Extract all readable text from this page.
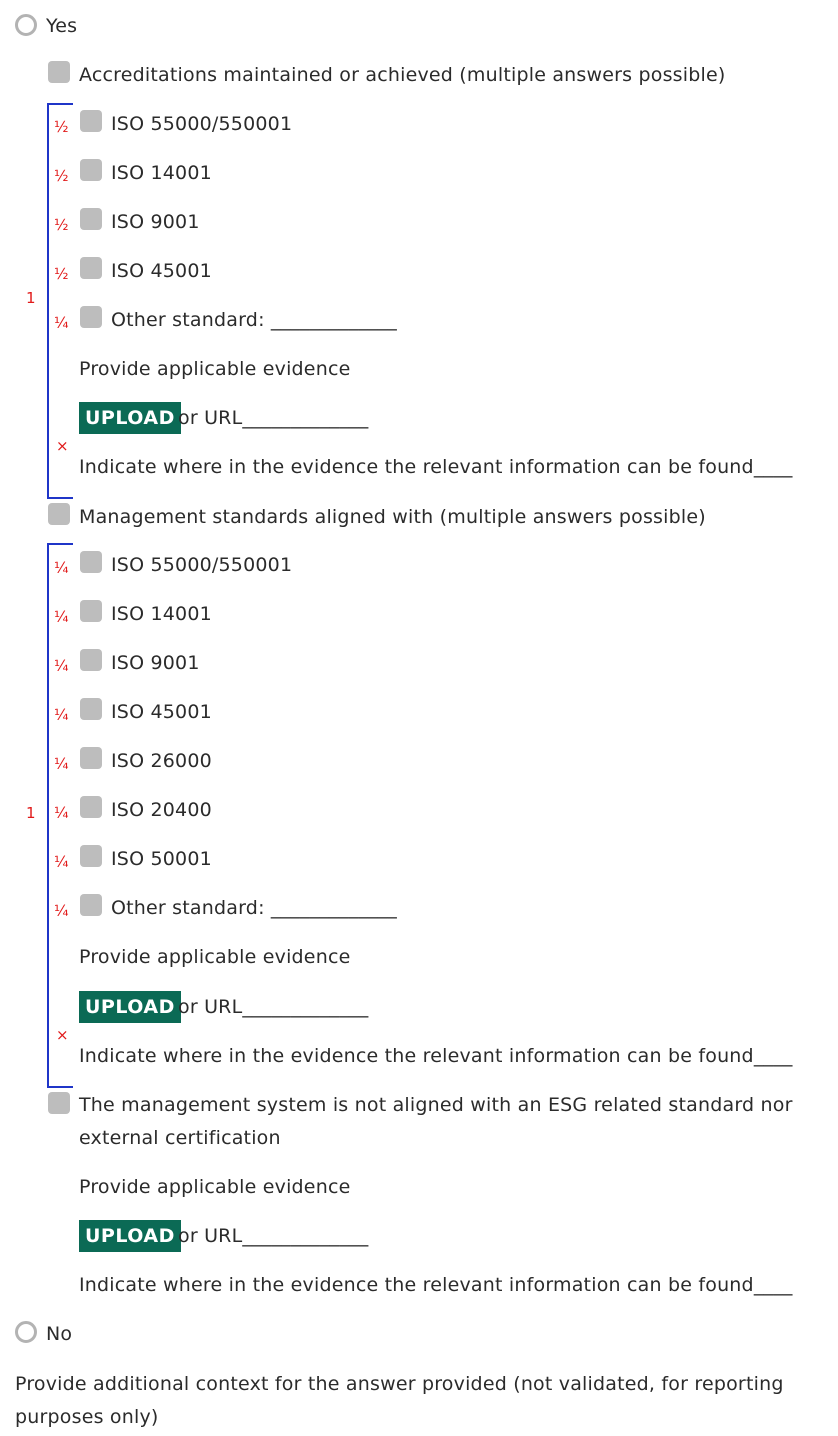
Yes
Accreditations maintained or achieved (multiple answers possible)
1
×
½ ISO 55000/550001
½ ISO 14001
½ ISO 9001
½ ISO 45001
¼ Other standard: _____________
Provide applicable evidence
UPLOAD or URL_____________
Indicate where in the evidence the relevant information can be found____
Management standards aligned with (multiple answers possible)
1
×
¼ ISO 55000/550001
¼ ISO 14001
¼ ISO 9001
¼ ISO 45001
¼ ISO 26000
¼ ISO 20400
¼ ISO 50001
¼ Other standard: _____________
Provide applicable evidence
UPLOAD or URL_____________
Indicate where in the evidence the relevant information can be found____
The management system is not aligned with an ESG related standard nor external certification
Provide applicable evidence
UPLOAD or URL_____________
Indicate where in the evidence the relevant information can be found____
No
Provide additional context for the answer provided (not validated, for reporting purposes only)
